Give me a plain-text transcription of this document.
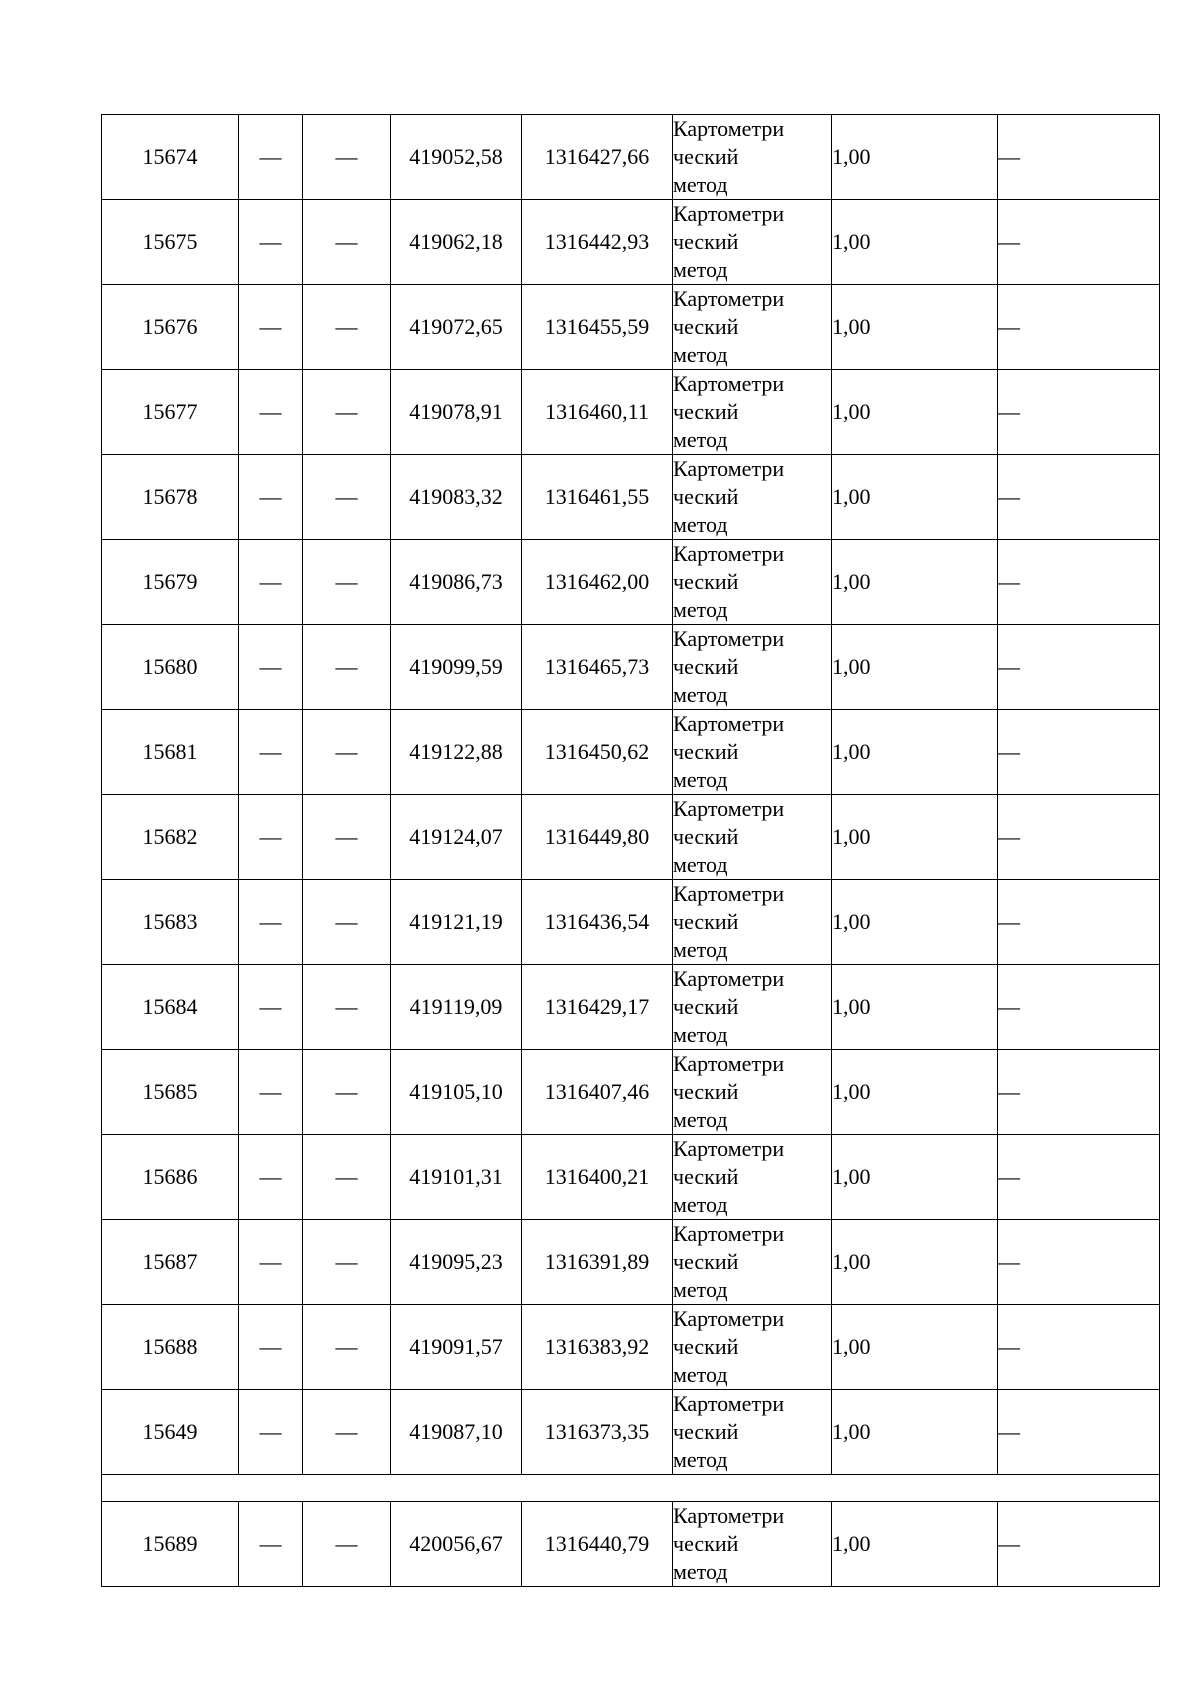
15674	—	—	419052,58	1316427,66	Картометри
ческий
метод	1,00	—
15675	—	—	419062,18	1316442,93	Картометри
ческий
метод	1,00	—
15676	—	—	419072,65	1316455,59	Картометри
ческий
метод	1,00	—
15677	—	—	419078,91	1316460,11	Картометри
ческий
метод	1,00	—
15678	—	—	419083,32	1316461,55	Картометри
ческий
метод	1,00	—
15679	—	—	419086,73	1316462,00	Картометри
ческий
метод	1,00	—
15680	—	—	419099,59	1316465,73	Картометри
ческий
метод	1,00	—
15681	—	—	419122,88	1316450,62	Картометри
ческий
метод	1,00	—
15682	—	—	419124,07	1316449,80	Картометри
ческий
метод	1,00	—
15683	—	—	419121,19	1316436,54	Картометри
ческий
метод	1,00	—
15684	—	—	419119,09	1316429,17	Картометри
ческий
метод	1,00	—
15685	—	—	419105,10	1316407,46	Картометри
ческий
метод	1,00	—
15686	—	—	419101,31	1316400,21	Картометри
ческий
метод	1,00	—
15687	—	—	419095,23	1316391,89	Картометри
ческий
метод	1,00	—
15688	—	—	419091,57	1316383,92	Картометри
ческий
метод	1,00	—
15649	—	—	419087,10	1316373,35	Картометри
ческий
метод	1,00	—

15689	—	—	420056,67	1316440,79	Картометри
ческий
метод	1,00	—
